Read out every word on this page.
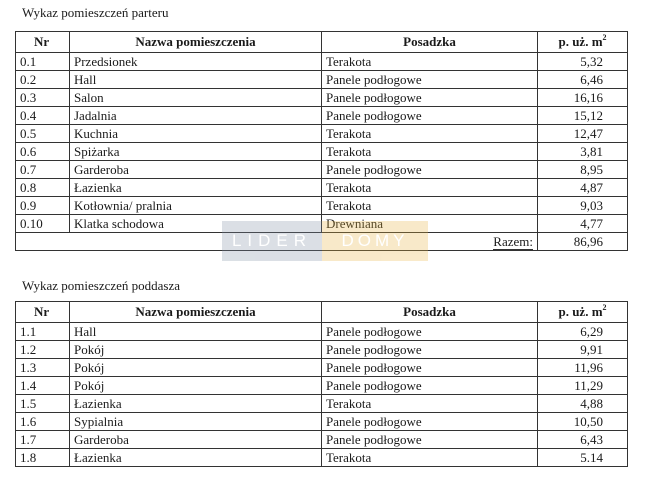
Wykaz pomieszczeń parteru
Nr	Nazwa pomieszczenia	Posadzka	p. uż. $m^2$
0.1	Przedsionek	Terakota	5,32
0.2	Hall	Panele podłogowe	6,46
0.3	Salon	Panele podłogowe	16,16
0.4	Jadalnia	Panele podłogowe	15,12
0.5	Kuchnia	Terakota	12,47
0.6	Spiżarka	Terakota	3,81
0.7	Garderoba	Panele podłogowe	8,95
0.8	Łazienka	Terakota	4,87
0.9	Kotłownia/ pralnia	Terakota	9,03
0.10	Klatka schodowa	Drewniana	4,77
		Razem:	86,96
LIDER	DOMY
Wykaz pomieszczeń poddasza
Nr	Nazwa pomieszczenia	Posadzka	p. uż. $m^2$
1.1	Hall	Panele podłogowe	6,29
1.2	Pokój	Panele podłogowe	9,91
1.3	Pokój	Panele podłogowe	11,96
1.4	Pokój	Panele podłogowe	11,29
1.5	Łazienka	Terakota	4,88
1.6	Sypialnia	Panele podłogowe	10,50
1.7	Garderoba	Panele podłogowe	6,43
1.8	Łazienka	Terakota	5.14
